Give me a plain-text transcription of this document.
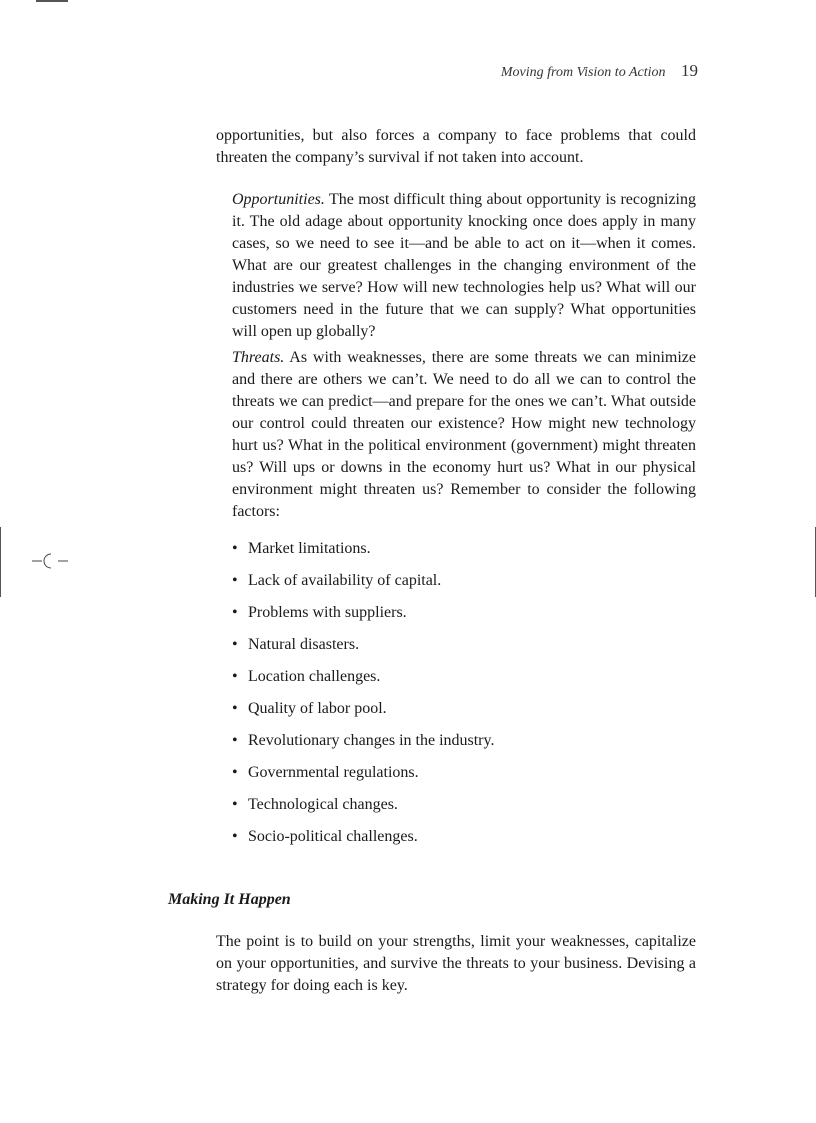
Moving from Vision to Action 19

opportunities, but also forces a company to face problems that could threaten the company’s survival if not taken into account.

Opportunities. The most difficult thing about opportunity is recognizing it. The old adage about opportunity knocking once does apply in many cases, so we need to see it—and be able to act on it—when it comes. What are our greatest challenges in the changing environment of the industries we serve? How will new technologies help us? What will our customers need in the future that we can supply? What opportunities will open up globally?

Threats. As with weaknesses, there are some threats we can minimize and there are others we can’t. We need to do all we can to control the threats we can predict—and prepare for the ones we can’t. What outside our control could threaten our existence? How might new technology hurt us? What in the political environment (government) might threaten us? Will ups or downs in the economy hurt us? What in our physical environment might threaten us? Remember to consider the following factors:

• Market limitations.
• Lack of availability of capital.
• Problems with suppliers.
• Natural disasters.
• Location challenges.
• Quality of labor pool.
• Revolutionary changes in the industry.
• Governmental regulations.
• Technological changes.
• Socio-political challenges.
Making It Happen

The point is to build on your strengths, limit your weaknesses, capitalize on your opportunities, and survive the threats to your business. Devising a strategy for doing each is key.
